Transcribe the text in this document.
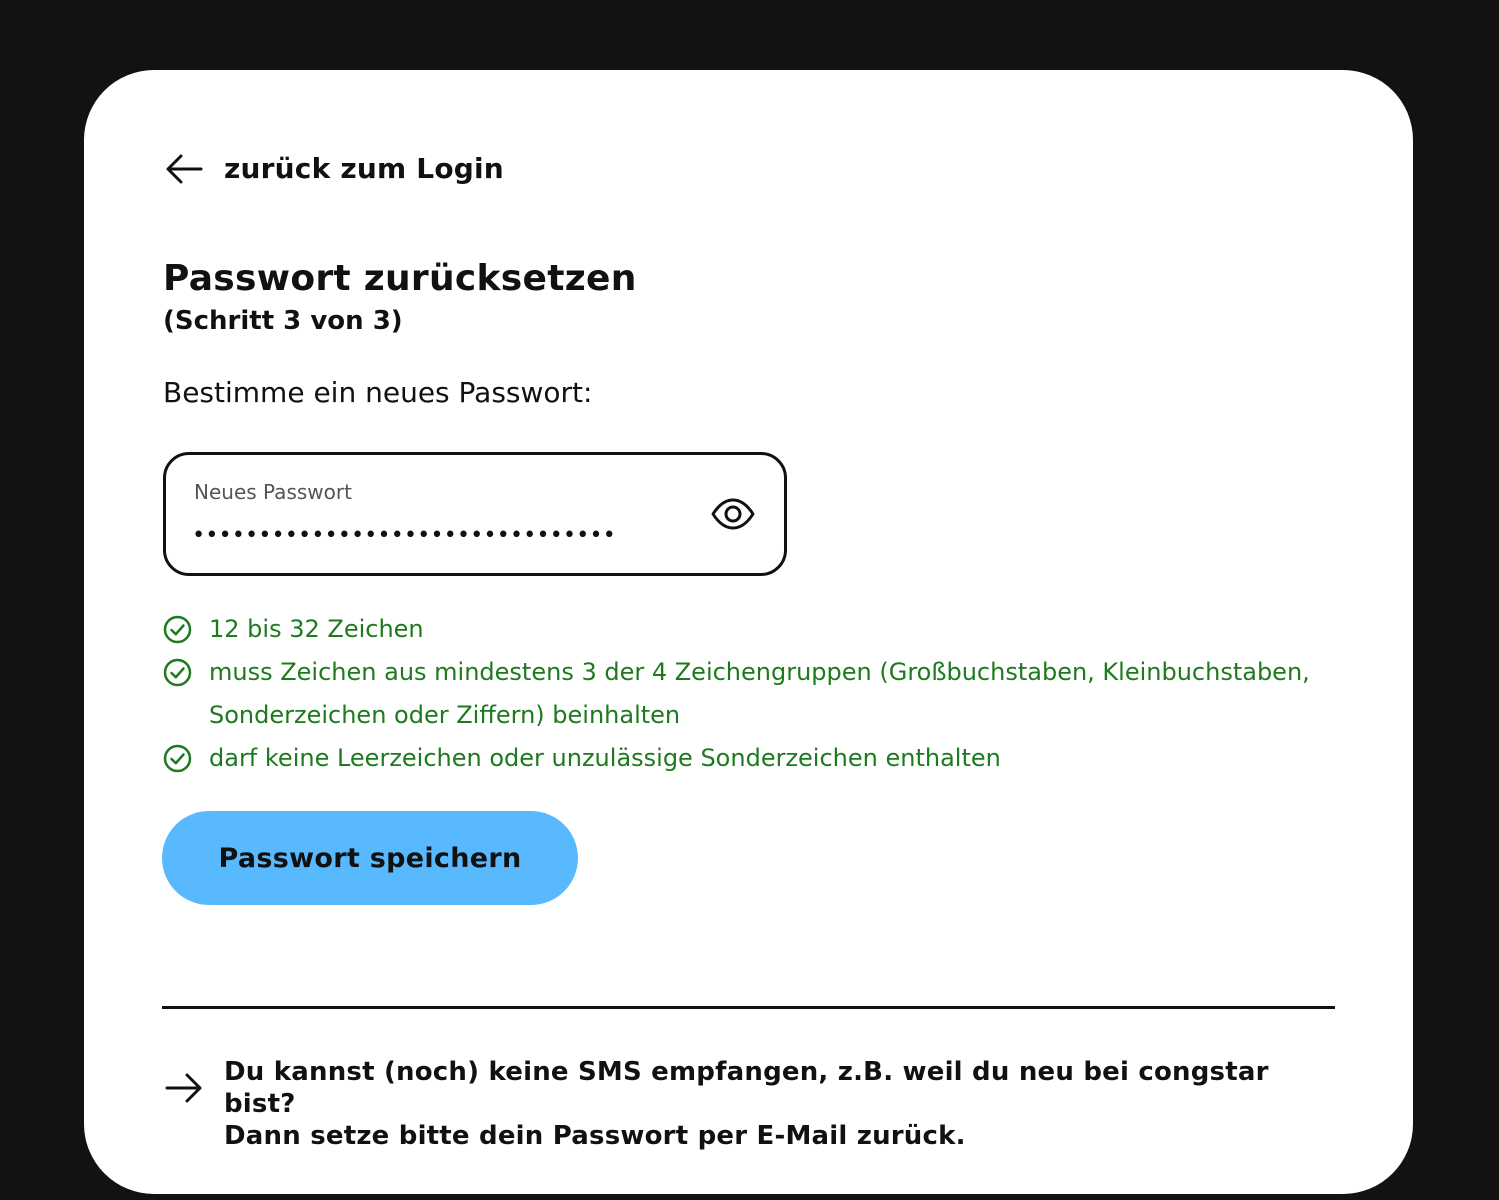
zurück zum Login
Passwort zurücksetzen
(Schritt 3 von 3)
Bestimme ein neues Passwort:
Neues Passwort
••••••••••••••••••••••••••••••••
12 bis 32 Zeichen
muss Zeichen aus mindestens 3 der 4 Zeichengruppen (Großbuchstaben, Kleinbuchstaben, Sonderzeichen oder Ziffern) beinhalten
darf keine Leerzeichen oder unzulässige Sonderzeichen enthalten
Passwort speichern
Du kannst (noch) keine SMS empfangen, z.B. weil du neu bei congstar bist?
Dann setze bitte dein Passwort per E-Mail zurück.
